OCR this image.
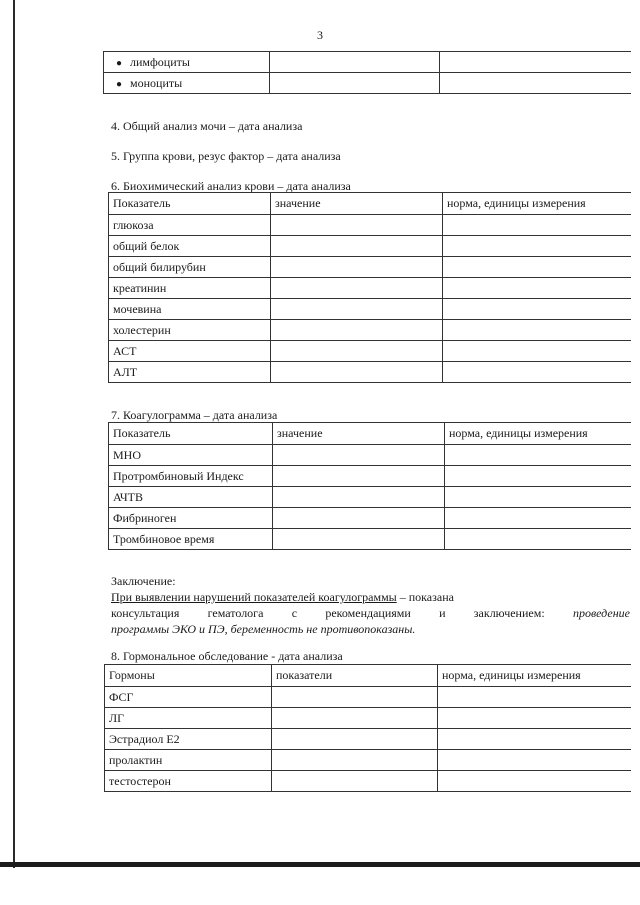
3
● лимфоциты		
● моноциты		
4. Общий анализ мочи – дата анализа
5. Группа крови, резус фактор – дата анализа
6. Биохимический анализ крови – дата анализа
Показатель	значение	норма, единицы измерения
глюкоза		
общий белок		
общий билирубин		
креатинин		
мочевина		
холестерин		
АСТ		
АЛТ		
7. Коагулограмма – дата анализа
Показатель	значение	норма, единицы измерения
МНО		
Протромбиновый Индекс		
АЧТВ		
Фибриноген		
Тромбиновое время		

Заключение:

При выявлении нарушений показателей коагулограммы – показана

консультация гематолога с рекомендациями и заключением: проведение

программы ЭКО и ПЭ, беременность не противопоказаны.

8. Гормональное обследование - дата анализа
Гормоны	показатели	норма, единицы измерения
ФСГ		
ЛГ		
Эстрадиол Е2		
пролактин		
тестостерон		
